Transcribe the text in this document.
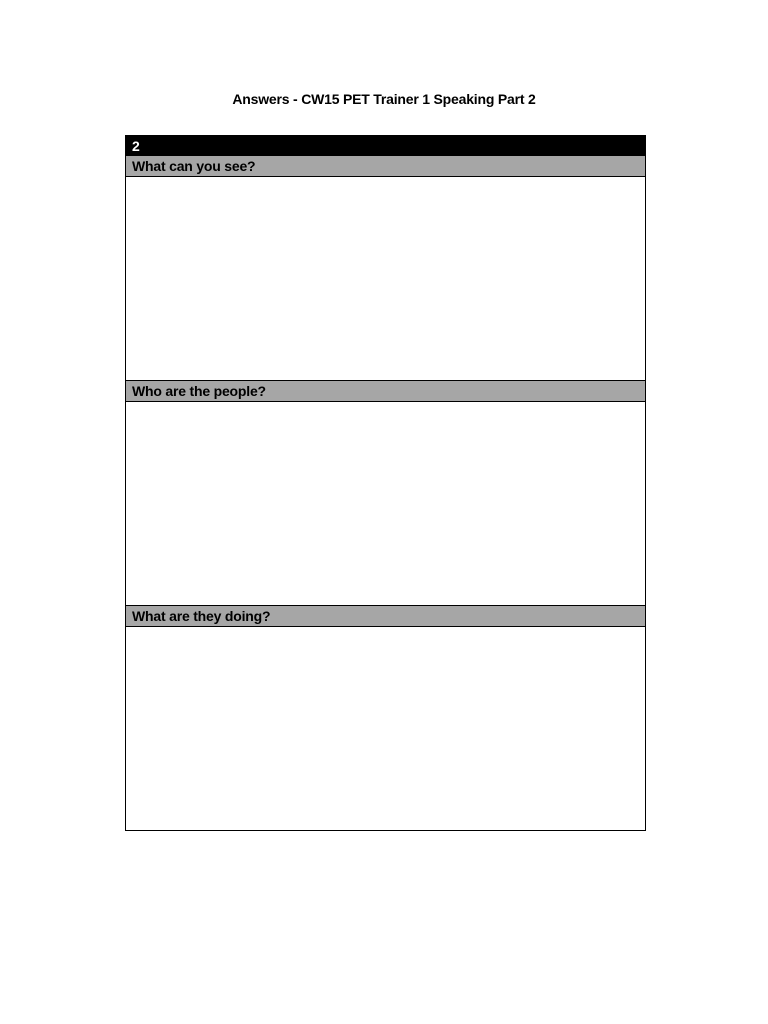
Answers - CW15 PET Trainer 1 Speaking Part 2
2
What can you see?

Who are the people?

What are they doing?
